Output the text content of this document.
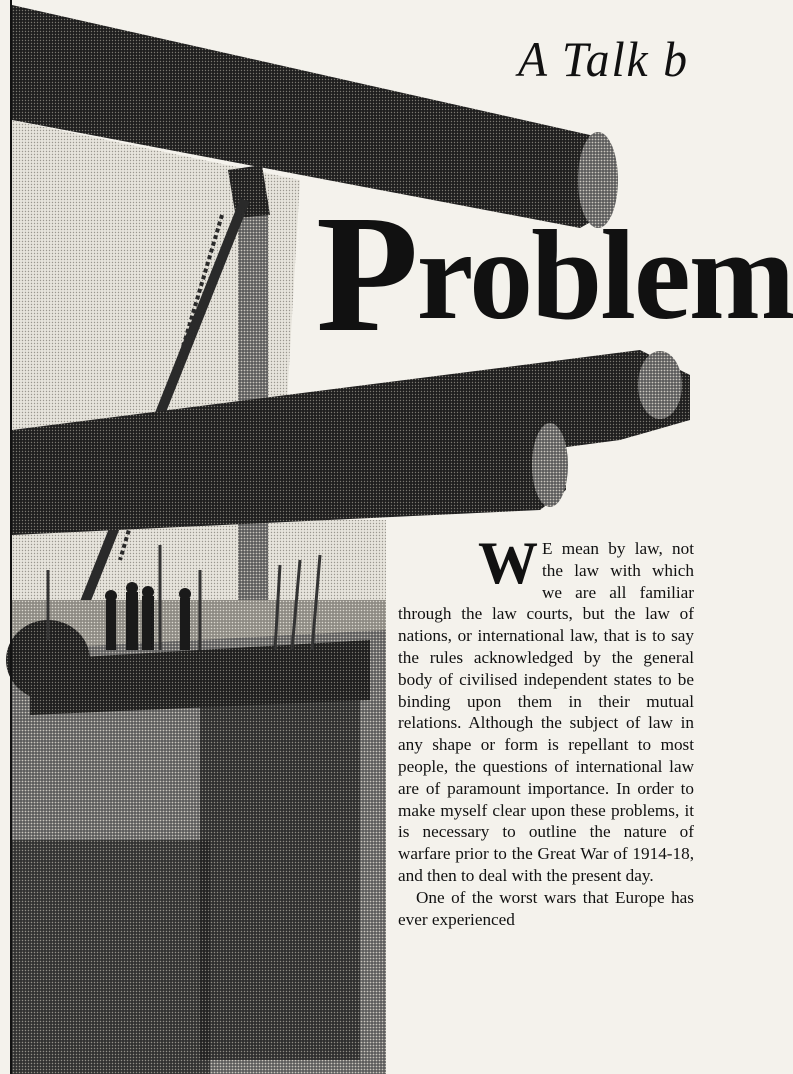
A Talk b
Problem

W E mean by law, not the law with which we are all familiar through the law courts, but the law of nations, or international law, that is to say the rules acknowledged by the general body of civilised independent states to be binding upon them in their mutual relations. Although the subject of law in any shape or form is repellant to most people, the questions of international law are of paramount importance. In order to make myself clear upon these problems, it is necessary to outline the nature of warfare prior to the Great War of 1914-18, and then to deal with the present day.

One of the worst wars that Europe has ever experienced
